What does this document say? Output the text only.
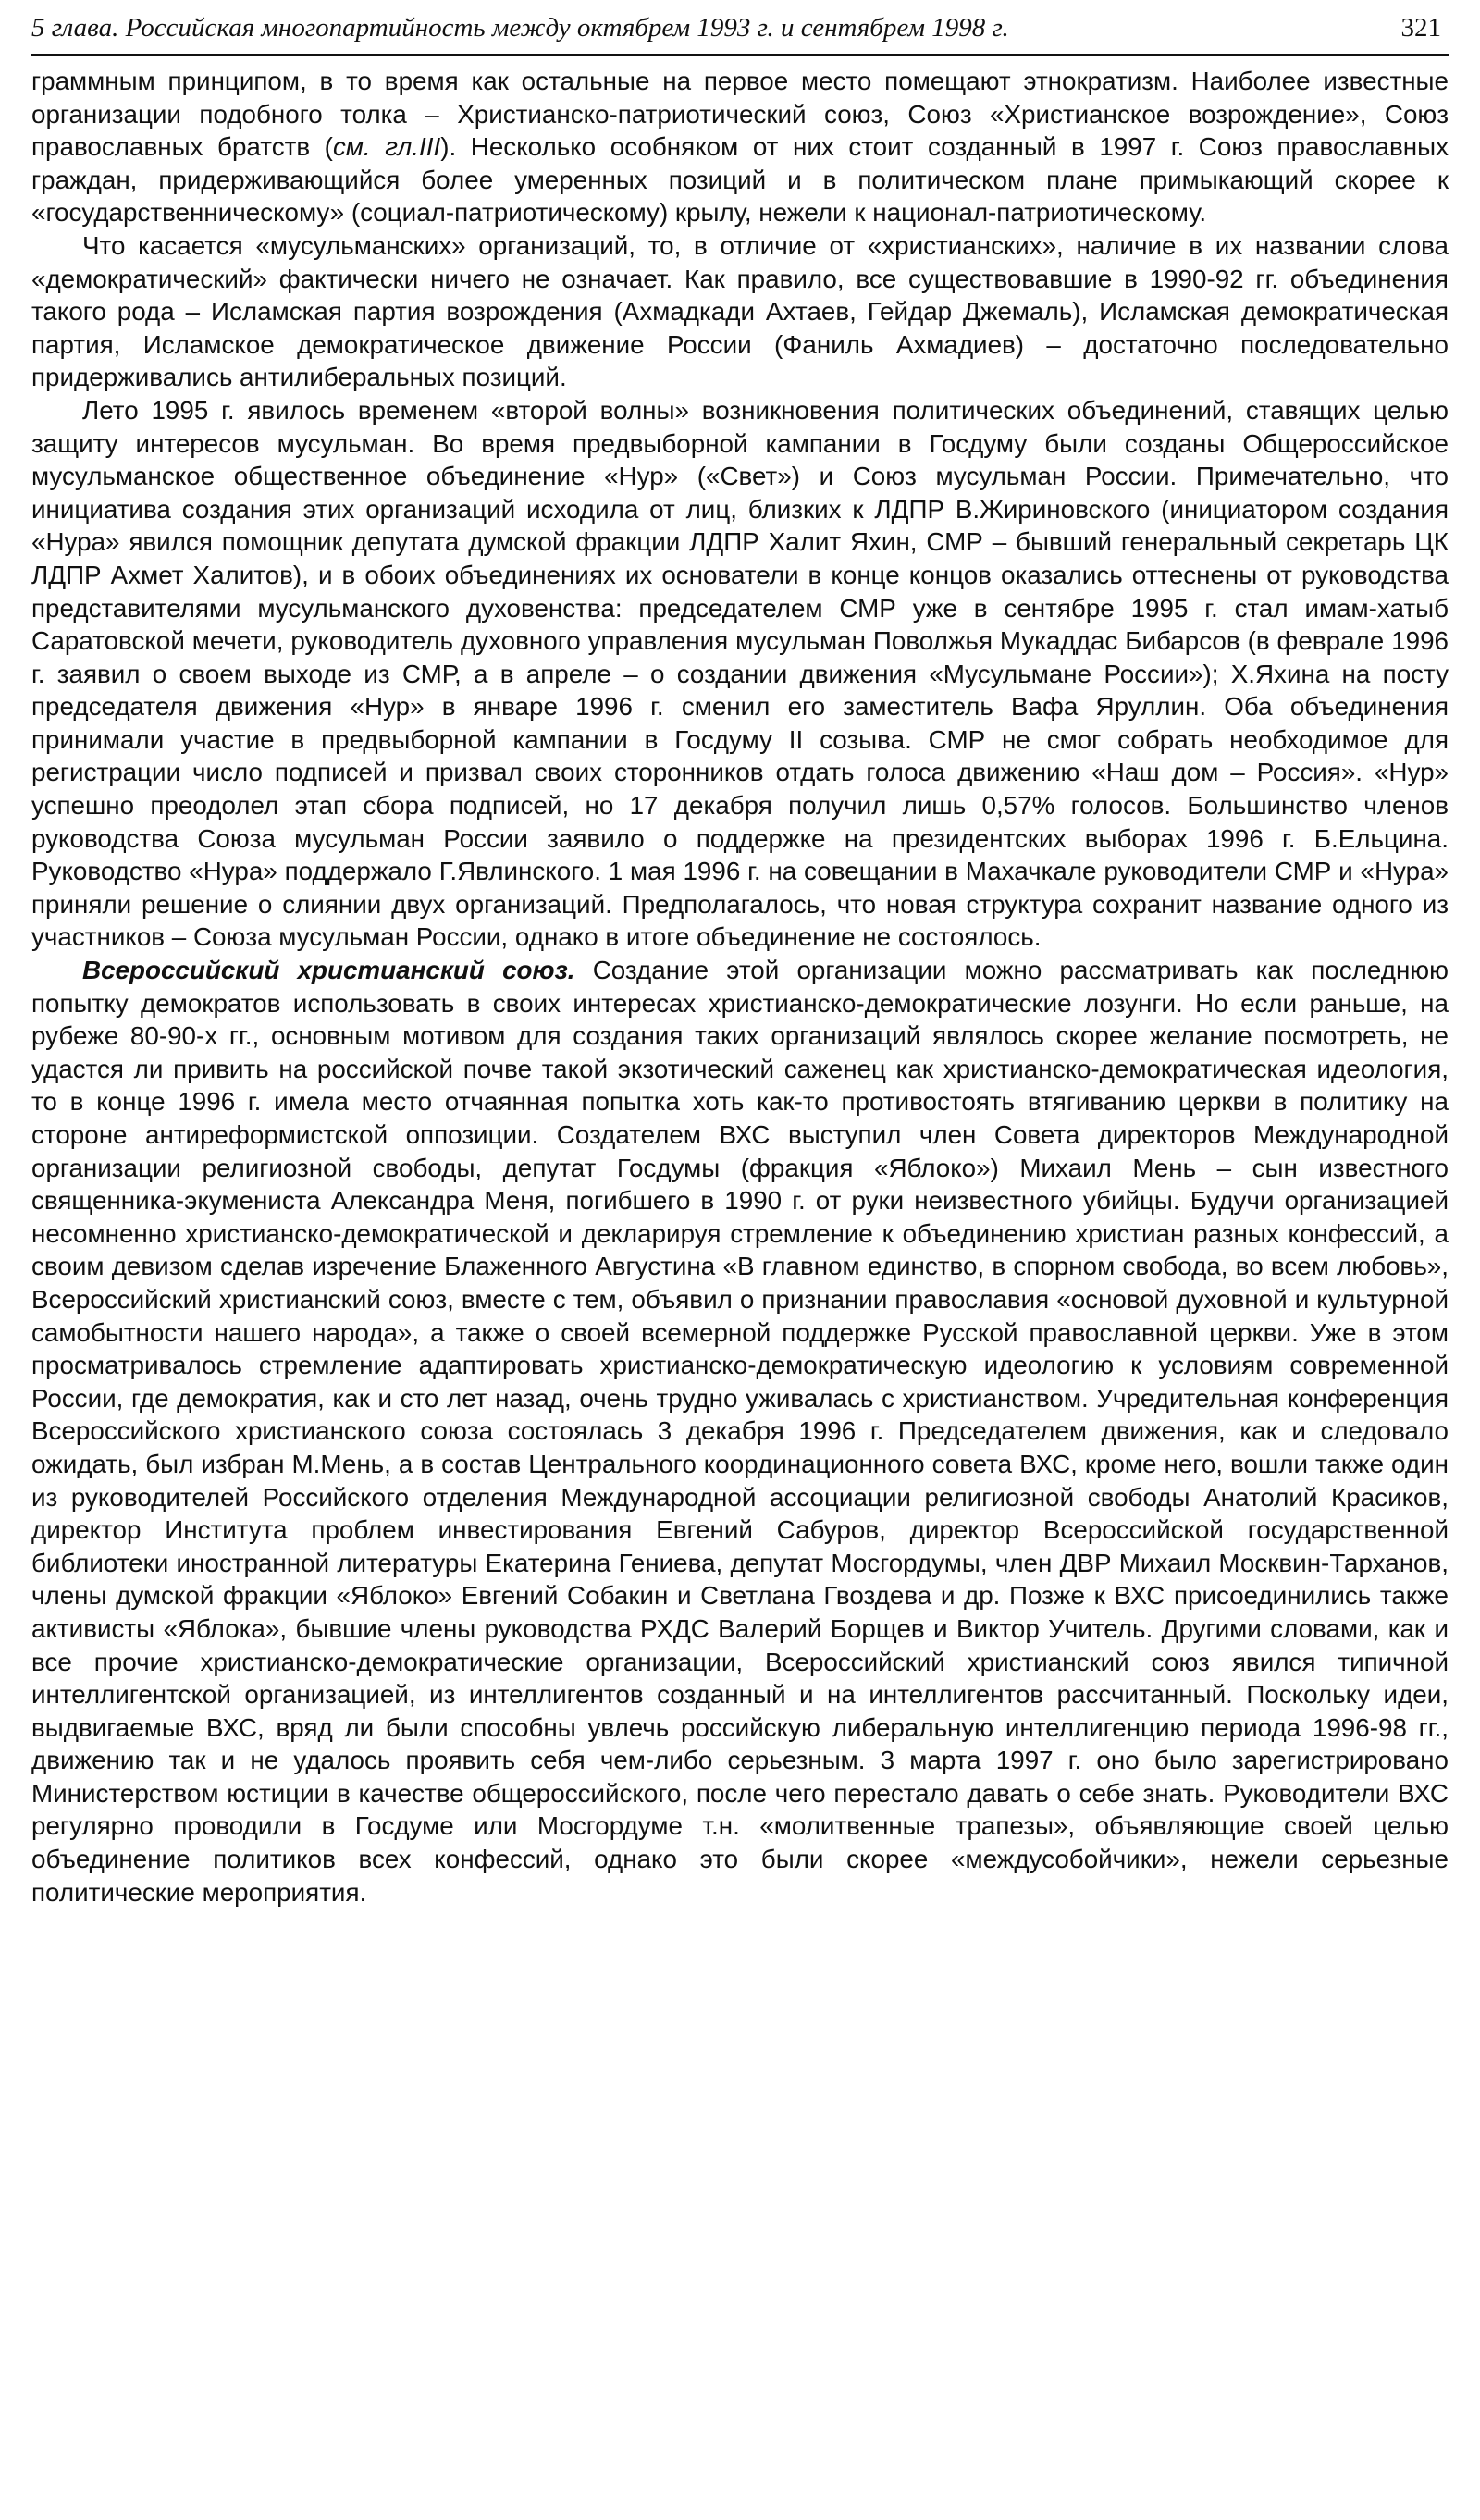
5 глава. Российская многопартийность между октябрем 1993 г. и сентябрем 1998 г.	321

граммным принципом, в то время как остальные на первое место помещают этнократизм. Наиболее известные организации подобного толка – Христианско-патриотический союз, Союз «Христианское возрождение», Союз православных братств (см. гл.III). Несколько особняком от них стоит созданный в 1997 г. Союз православных граждан, придерживающийся более умеренных позиций и в политическом плане примыкающий скорее к «государственническому» (социал-патриотическому) крылу, нежели к национал-патриотическому.

Что касается «мусульманских» организаций, то, в отличие от «христианских», наличие в их названии слова «демократический» фактически ничего не означает. Как правило, все существовавшие в 1990-92 гг. объединения такого рода – Исламская партия возрождения (Ахмадкади Ахтаев, Гейдар Джемаль), Исламская демократическая партия, Исламское демократическое движение России (Фаниль Ахмадиев) – достаточно последовательно придерживались антилиберальных позиций.

Лето 1995 г. явилось временем «второй волны» возникновения политических объединений, ставящих целью защиту интересов мусульман. Во время предвыборной кампании в Госдуму были созданы Общероссийское мусульманское общественное объединение «Нур» («Свет») и Союз мусульман России. Примечательно, что инициатива создания этих организаций исходила от лиц, близких к ЛДПР В.Жириновского (инициатором создания «Нура» явился помощник депутата думской фракции ЛДПР Халит Яхин, СМР – бывший генеральный секретарь ЦК ЛДПР Ахмет Халитов), и в обоих объединениях их основатели в конце концов оказались оттеснены от руководства представителями мусульманского духовенства: председателем СМР уже в сентябре 1995 г. стал имам-хатыб Саратовской мечети, руководитель духовного управления мусульман Поволжья Мукаддас Бибарсов (в феврале 1996 г. заявил о своем выходе из СМР, а в апреле – о создании движения «Мусульмане России»); Х.Яхина на посту председателя движения «Нур» в январе 1996 г. сменил его заместитель Вафа Яруллин. Оба объединения принимали участие в предвыборной кампании в Госдуму II созыва. СМР не смог собрать необходимое для регистрации число подписей и призвал своих сторонников отдать голоса движению «Наш дом – Россия». «Нур» успешно преодолел этап сбора подписей, но 17 декабря получил лишь 0,57% голосов. Большинство членов руководства Союза мусульман России заявило о поддержке на президентских выборах 1996 г. Б.Ельцина. Руководство «Нура» поддержало Г.Явлинского. 1 мая 1996 г. на совещании в Махачкале руководители СМР и «Нура» приняли решение о слиянии двух организаций. Предполагалось, что новая структура сохранит название одного из участников – Союза мусульман России, однако в итоге объединение не состоялось.

Всероссийский христианский союз. Создание этой организации можно рассматривать как последнюю попытку демократов использовать в своих интересах христианско-демократические лозунги. Но если раньше, на рубеже 80-90-х гг., основным мотивом для создания таких организаций являлось скорее желание посмотреть, не удастся ли привить на российской почве такой экзотический саженец как христианско-демократическая идеология, то в конце 1996 г. имела место отчаянная попытка хоть как-то противостоять втягиванию церкви в политику на стороне антиреформистской оппозиции. Создателем ВХС выступил член Совета директоров Международной организации религиозной свободы, депутат Госдумы (фракция «Яблоко») Михаил Мень – сын известного священника-экумениста Александра Меня, погибшего в 1990 г. от руки неизвестного убийцы. Будучи организацией несомненно христианско-демократической и декларируя стремление к объединению христиан разных конфессий, а своим девизом сделав изречение Блаженного Августина «В главном единство, в спорном свобода, во всем любовь», Всероссийский христианский союз, вместе с тем, объявил о признании православия «основой духовной и культурной самобытности нашего народа», а также о своей всемерной поддержке Русской православной церкви. Уже в этом просматривалось стремление адаптировать христианско-демократическую идеологию к условиям современной России, где демократия, как и сто лет назад, очень трудно уживалась с христианством. Учредительная конференция Всероссийского христианского союза состоялась 3 декабря 1996 г. Председателем движения, как и следовало ожидать, был избран М.Мень, а в состав Центрального координационного совета ВХС, кроме него, вошли также один из руководителей Российского отделения Международной ассоциации религиозной свободы Анатолий Красиков, директор Института проблем инвестирования Евгений Сабуров, директор Всероссийской государственной библиотеки иностранной литературы Екатерина Гениева, депутат Мосгордумы, член ДВР Михаил Москвин-Тарханов, члены думской фракции «Яблоко» Евгений Собакин и Светлана Гвоздева и др. Позже к ВХС присоединились также активисты «Яблока», бывшие члены руководства РХДС Валерий Борщев и Виктор Учитель. Другими словами, как и все прочие христианско-демократические организации, Всероссийский христианский союз явился типичной интеллигентской организацией, из интеллигентов созданный и на интеллигентов рассчитанный. Поскольку идеи, выдвигаемые ВХС, вряд ли были способны увлечь российскую либеральную интеллигенцию периода 1996-98 гг., движению так и не удалось проявить себя чем-либо серьезным. 3 марта 1997 г. оно было зарегистрировано Министерством юстиции в качестве общероссийского, после чего перестало давать о себе знать. Руководители ВХС регулярно проводили в Госдуме или Мосгордуме т.н. «молитвенные трапезы», объявляющие своей целью объединение политиков всех конфессий, однако это были скорее «междусобойчики», нежели серьезные политические мероприятия.
